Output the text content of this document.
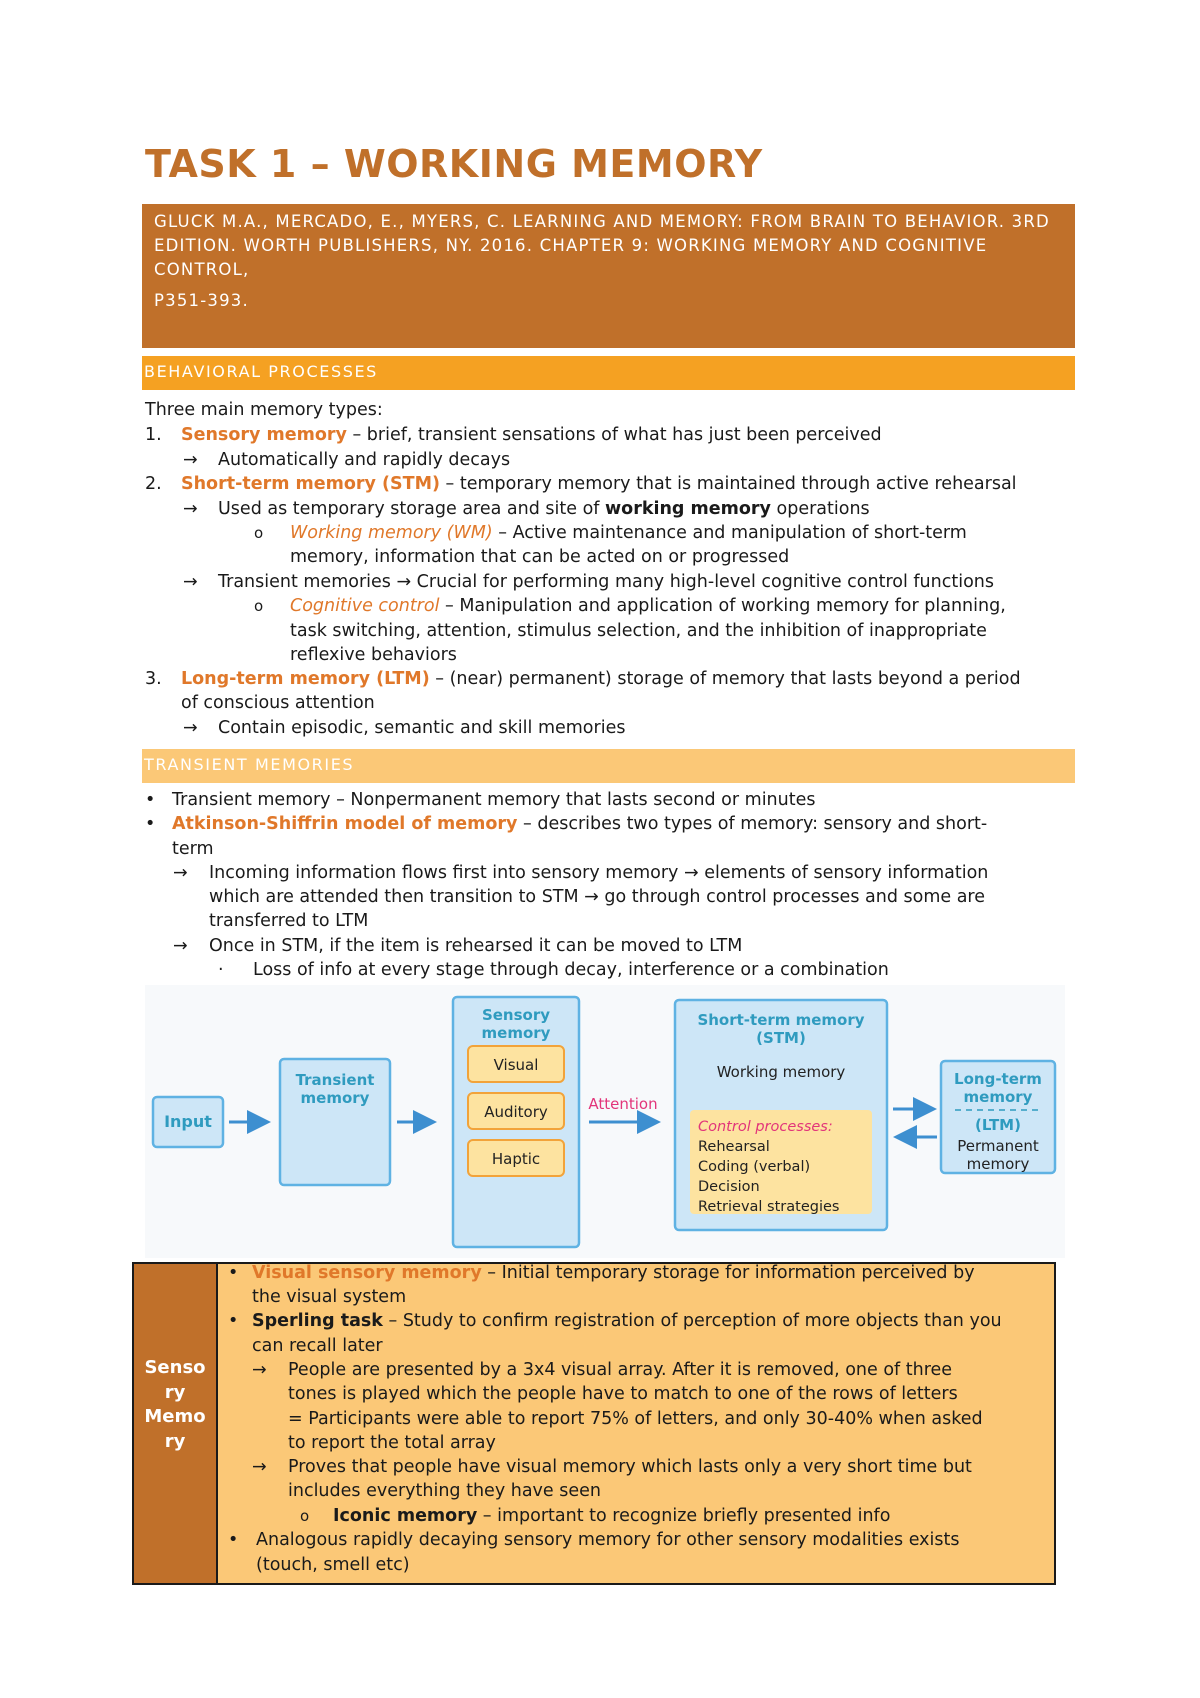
TASK 1 – WORKING MEMORY
GLUCK M.A., MERCADO, E., MYERS, C. LEARNING AND MEMORY: FROM BRAIN TO BEHAVIOR. 3RD
EDITION. WORTH PUBLISHERS, NY. 2016. CHAPTER 9: WORKING MEMORY AND COGNITIVE CONTROL,
P351-393.
BEHAVIORAL PROCESSES
Three main memory types:
1. Sensory memory – brief, transient sensations of what has just been perceived
→ Automatically and rapidly decays
2. Short-term memory (STM) – temporary memory that is maintained through active rehearsal
→ Used as temporary storage area and site of working memory operations
o Working memory (WM) – Active maintenance and manipulation of short-term
memory, information that can be acted on or progressed
→ Transient memories → Crucial for performing many high-level cognitive control functions
o Cognitive control – Manipulation and application of working memory for planning,
task switching, attention, stimulus selection, and the inhibition of inappropriate
reflexive behaviors
3. Long-term memory (LTM) – (near) permanent) storage of memory that lasts beyond a period
of conscious attention
→ Contain episodic, semantic and skill memories
TRANSIENT MEMORIES
• Transient memory – Nonpermanent memory that lasts second or minutes
• Atkinson-Shiffrin model of memory – describes two types of memory: sensory and short-
term
→ Incoming information flows first into sensory memory → elements of sensory information
which are attended then transition to STM → go through control processes and some are
transferred to LTM
→ Once in STM, if the item is rehearsed it can be moved to LTM
· Loss of info at every stage through decay, interference or a combination
Input
Transient
memory
Sensory
memory
Visual
Auditory
Haptic
Attention
Short-term memory
(STM)
Working memory
Control processes:
Rehearsal
Coding (verbal)
Decision
Retrieval strategies
Long-term
memory
(LTM)
Permanent
memory
Senso
ry
Memo
ry
• Visual sensory memory – Initial temporary storage for information perceived by
the visual system
• Sperling task – Study to confirm registration of perception of more objects than you
can recall later
→ People are presented by a 3x4 visual array. After it is removed, one of three
tones is played which the people have to match to one of the rows of letters
= Participants were able to report 75% of letters, and only 30-40% when asked
to report the total array
→ Proves that people have visual memory which lasts only a very short time but
includes everything they have seen
o Iconic memory – important to recognize briefly presented info
• Analogous rapidly decaying sensory memory for other sensory modalities exists
(touch, smell etc)
